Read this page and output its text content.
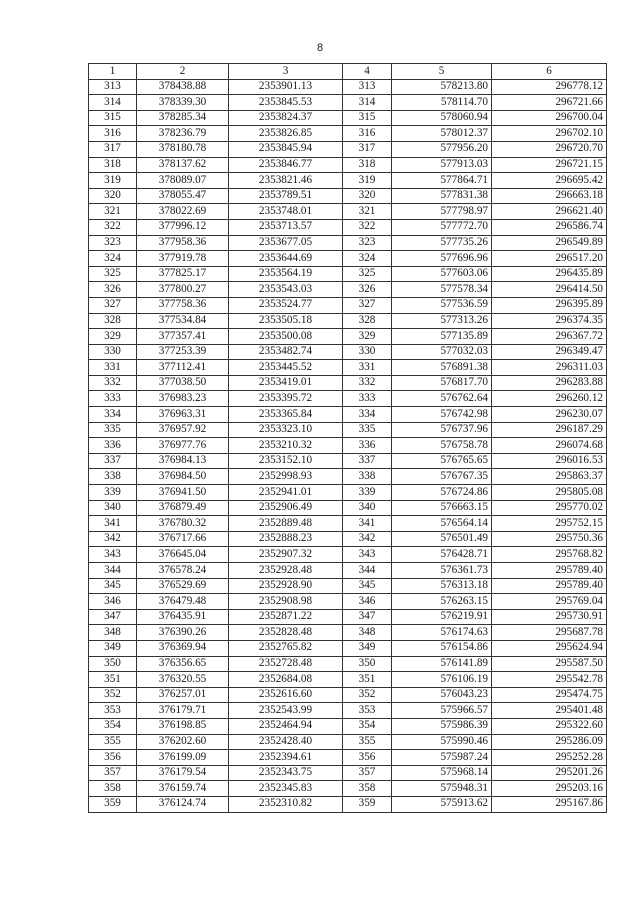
8
1	2	3	4	5	6
313	378438.88	2353901.13	313	578213.80	296778.12
314	378339.30	2353845.53	314	578114.70	296721.66
315	378285.34	2353824.37	315	578060.94	296700.04
316	378236.79	2353826.85	316	578012.37	296702.10
317	378180.78	2353845.94	317	577956.20	296720.70
318	378137.62	2353846.77	318	577913.03	296721.15
319	378089.07	2353821.46	319	577864.71	296695.42
320	378055.47	2353789.51	320	577831.38	296663.18
321	378022.69	2353748.01	321	577798.97	296621.40
322	377996.12	2353713.57	322	577772.70	296586.74
323	377958.36	2353677.05	323	577735.26	296549.89
324	377919.78	2353644.69	324	577696.96	296517.20
325	377825.17	2353564.19	325	577603.06	296435.89
326	377800.27	2353543.03	326	577578.34	296414.50
327	377758.36	2353524.77	327	577536.59	296395.89
328	377534.84	2353505.18	328	577313.26	296374.35
329	377357.41	2353500.08	329	577135.89	296367.72
330	377253.39	2353482.74	330	577032.03	296349.47
331	377112.41	2353445.52	331	576891.38	296311.03
332	377038.50	2353419.01	332	576817.70	296283.88
333	376983.23	2353395.72	333	576762.64	296260.12
334	376963.31	2353365.84	334	576742.98	296230.07
335	376957.92	2353323.10	335	576737.96	296187.29
336	376977.76	2353210.32	336	576758.78	296074.68
337	376984.13	2353152.10	337	576765.65	296016.53
338	376984.50	2352998.93	338	576767.35	295863.37
339	376941.50	2352941.01	339	576724.86	295805.08
340	376879.49	2352906.49	340	576663.15	295770.02
341	376780.32	2352889.48	341	576564.14	295752.15
342	376717.66	2352888.23	342	576501.49	295750.36
343	376645.04	2352907.32	343	576428.71	295768.82
344	376578.24	2352928.48	344	576361.73	295789.40
345	376529.69	2352928.90	345	576313.18	295789.40
346	376479.48	2352908.98	346	576263.15	295769.04
347	376435.91	2352871.22	347	576219.91	295730.91
348	376390.26	2352828.48	348	576174.63	295687.78
349	376369.94	2352765.82	349	576154.86	295624.94
350	376356.65	2352728.48	350	576141.89	295587.50
351	376320.55	2352684.08	351	576106.19	295542.78
352	376257.01	2352616.60	352	576043.23	295474.75
353	376179.71	2352543.99	353	575966.57	295401.48
354	376198.85	2352464.94	354	575986.39	295322.60
355	376202.60	2352428.40	355	575990.46	295286.09
356	376199.09	2352394.61	356	575987.24	295252.28
357	376179.54	2352343.75	357	575968.14	295201.26
358	376159.74	2352345.83	358	575948.31	295203.16
359	376124.74	2352310.82	359	575913.62	295167.86
